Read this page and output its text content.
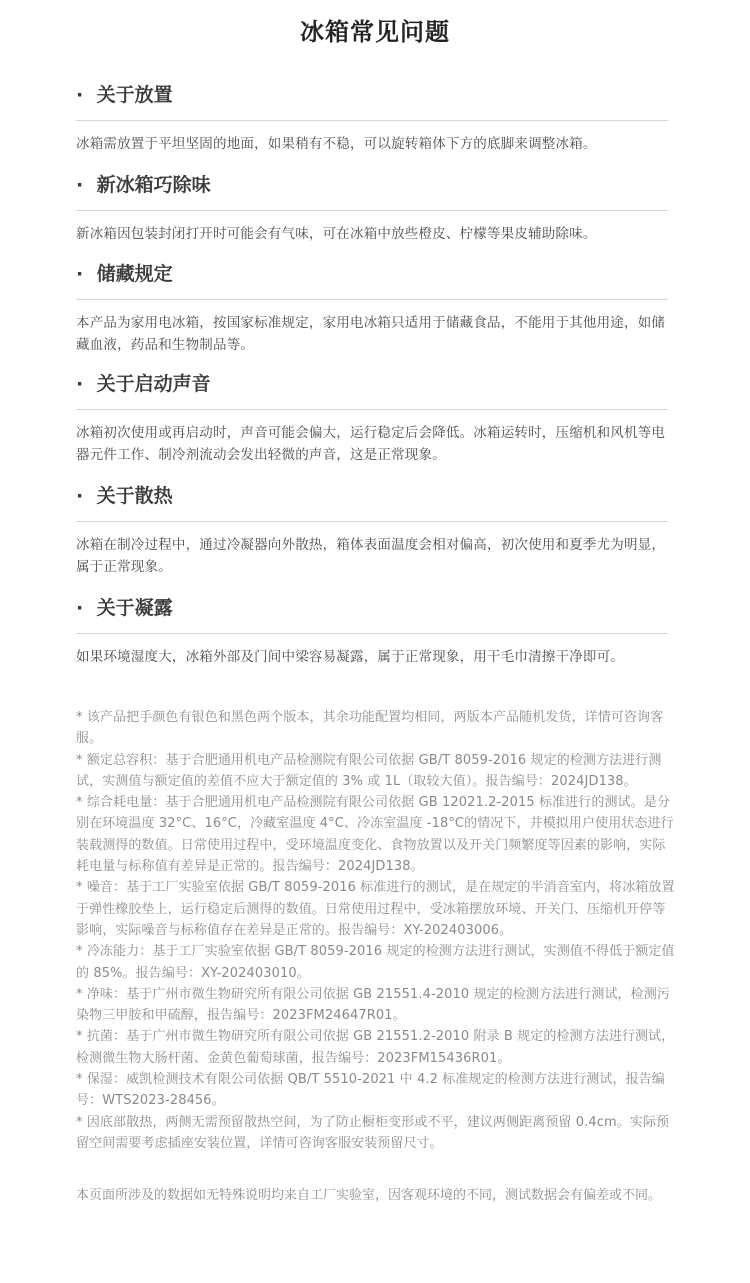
冰箱常见问题
· 关于放置
冰箱需放置于平坦坚固的地面，如果稍有不稳，可以旋转箱体下方的底脚来调整冰箱。
· 新冰箱巧除味
新冰箱因包装封闭打开时可能会有气味，可在冰箱中放些橙皮、柠檬等果皮辅助除味。
· 储藏规定
本产品为家用电冰箱，按国家标准规定，家用电冰箱只适用于储藏食品，不能用于其他用途，如储藏血液，药品和生物制品等。
· 关于启动声音
冰箱初次使用或再启动时，声音可能会偏大，运行稳定后会降低。冰箱运转时，压缩机和风机等电器元件工作、制冷剂流动会发出轻微的声音，这是正常现象。
· 关于散热
冰箱在制冷过程中，通过冷凝器向外散热，箱体表面温度会相对偏高，初次使用和夏季尤为明显，属于正常现象。
· 关于凝露
如果环境湿度大，冰箱外部及门间中梁容易凝露，属于正常现象，用干毛巾清擦干净即可。

* 该产品把手颜色有银色和黑色两个版本，其余功能配置均相同，两版本产品随机发货，详情可咨询客服。

* 额定总容积：基于合肥通用机电产品检测院有限公司依据 GB/T 8059-2016 规定的检测方法进行测试，实测值与额定值的差值不应大于额定值的 3% 或 1L（取较大值）。报告编号：2024JD138。

* 综合耗电量：基于合肥通用机电产品检测院有限公司依据 GB 12021.2-2015 标准进行的测试。是分别在环境温度 32°C、16°C，冷藏室温度 4°C、冷冻室温度 -18°C的情况下，并模拟用户使用状态进行装载测得的数值。日常使用过程中，受环境温度变化、食物放置以及开关门频繁度等因素的影响，实际耗电量与标称值有差异是正常的。报告编号：2024JD138。

* 噪音：基于工厂实验室依据 GB/T 8059-2016 标准进行的测试，是在规定的半消音室内，将冰箱放置于弹性橡胶垫上，运行稳定后测得的数值。日常使用过程中，受冰箱摆放环境、开关门、压缩机开停等影响，实际噪音与标称值存在差异是正常的。报告编号：XY-202403006。

* 冷冻能力：基于工厂实验室依据 GB/T 8059-2016 规定的检测方法进行测试，实测值不得低于额定值的 85%。报告编号：XY-202403010。

* 净味：基于广州市微生物研究所有限公司依据 GB 21551.4-2010 规定的检测方法进行测试，检测污染物三甲胺和甲硫醇，报告编号：2023FM24647R01。

* 抗菌：基于广州市微生物研究所有限公司依据 GB 21551.2-2010 附录 B 规定的检测方法进行测试，检测微生物大肠杆菌、金黄色葡萄球菌，报告编号：2023FM15436R01。

* 保湿：威凯检测技术有限公司依据 QB/T 5510-2021 中 4.2 标准规定的检测方法进行测试，报告编号：WTS2023-28456。

* 因底部散热，两侧无需预留散热空间，为了防止橱柜变形或不平，建议两侧距离预留 0.4cm。实际预留空间需要考虑插座安装位置，详情可咨询客服安装预留尺寸。

本页面所涉及的数据如无特殊说明均来自工厂实验室，因客观环境的不同，测试数据会有偏差或不同。
